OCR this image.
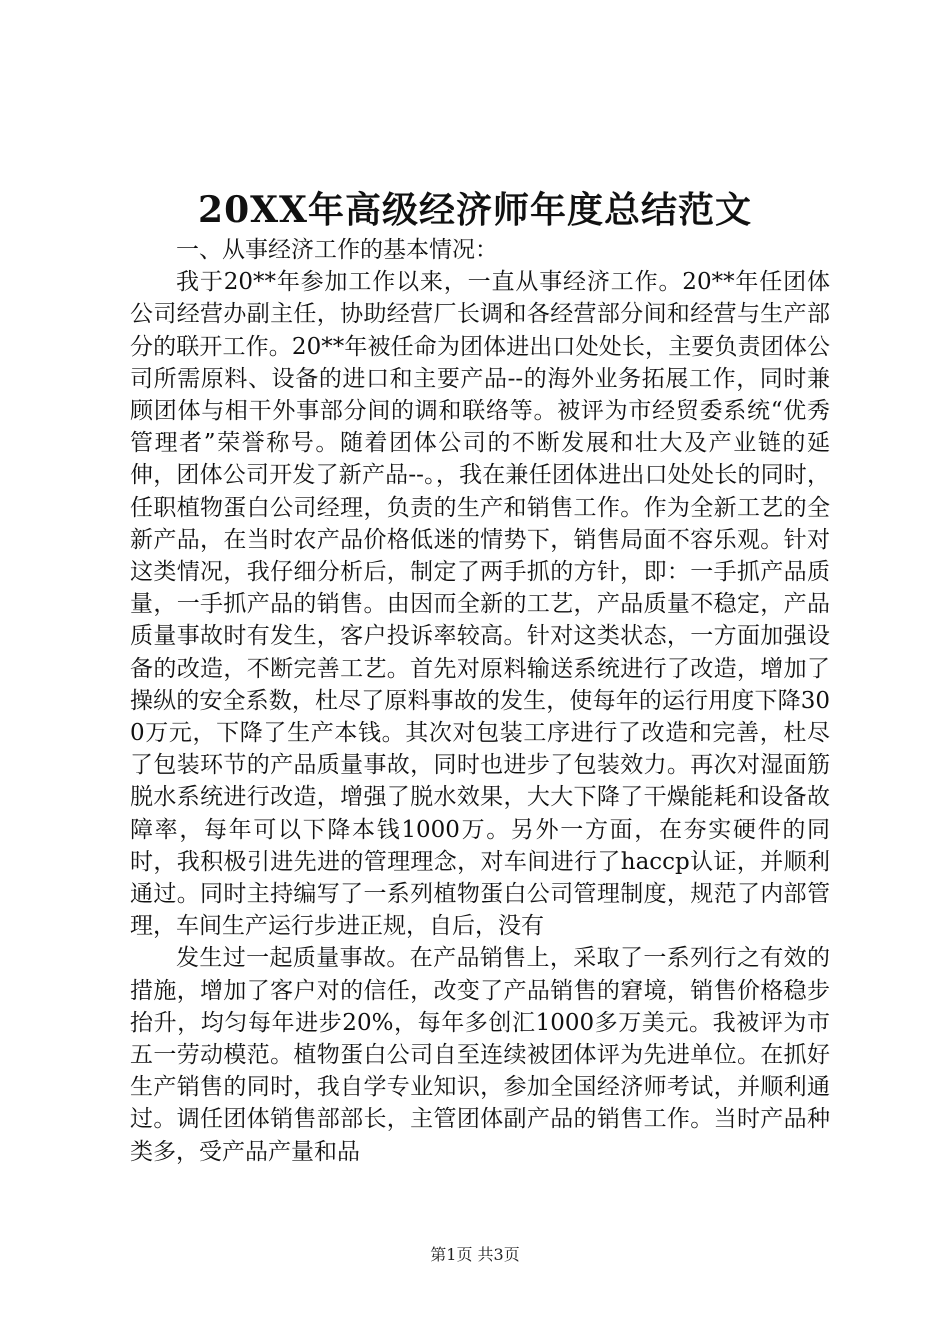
20XX年高级经济师年度总结范文

一、从事经济工作的基本情况：

我于20**年参加工作以来，一直从事经济工作。20**年任团体公司经营办副主任，协助经营厂长调和各经营部分间和经营与生产部分的联开工作。20**年被任命为团体进出口处处长，主要负责团体公司所需原料、设备的进口和主要产品--的海外业务拓展工作，同时兼顾团体与相干外事部分间的调和联络等。被评为市经贸委系统“优秀管理者”荣誉称号。随着团体公司的不断发展和壮大及产业链的延伸，团体公司开发了新产品--。，我在兼任团体进出口处处长的同时，任职植物蛋白公司经理，负责的生产和销售工作。作为全新工艺的全新产品，在当时农产品价格低迷的情势下，销售局面不容乐观。针对这类情况，我仔细分析后，制定了两手抓的方针，即：一手抓产品质量，一手抓产品的销售。由因而全新的工艺，产品质量不稳定，产品质量事故时有发生，客户投诉率较高。针对这类状态，一方面加强设备的改造，不断完善工艺。首先对原料输送系统进行了改造，增加了操纵的安全系数，杜尽了原料事故的发生，使每年的运行用度下降300万元，下降了生产本钱。其次对包装工序进行了改造和完善，杜尽了包装环节的产品质量事故，同时也进步了包装效力。再次对湿面筋脱水系统进行改造，增强了脱水效果，大大下降了干燥能耗和设备故障率，每年可以下降本钱1000万。另外一方面，在夯实硬件的同时，我积极引进先进的管理理念，对车间进行了haccp认证，并顺利通过。同时主持编写了一系列植物蛋白公司管理制度，规范了内部管理，车间生产运行步进正规，自后，没有

发生过一起质量事故。在产品销售上，采取了一系列行之有效的措施，增加了客户对的信任，改变了产品销售的窘境，销售价格稳步抬升，均匀每年进步20%，每年多创汇1000多万美元。我被评为市五一劳动模范。植物蛋白公司自至连续被团体评为先进单位。在抓好生产销售的同时，我自学专业知识，参加全国经济师考试，并顺利通过。调任团体销售部部长，主管团体副产品的销售工作。当时产品种类多，受产品产量和品

第1页 共3页
